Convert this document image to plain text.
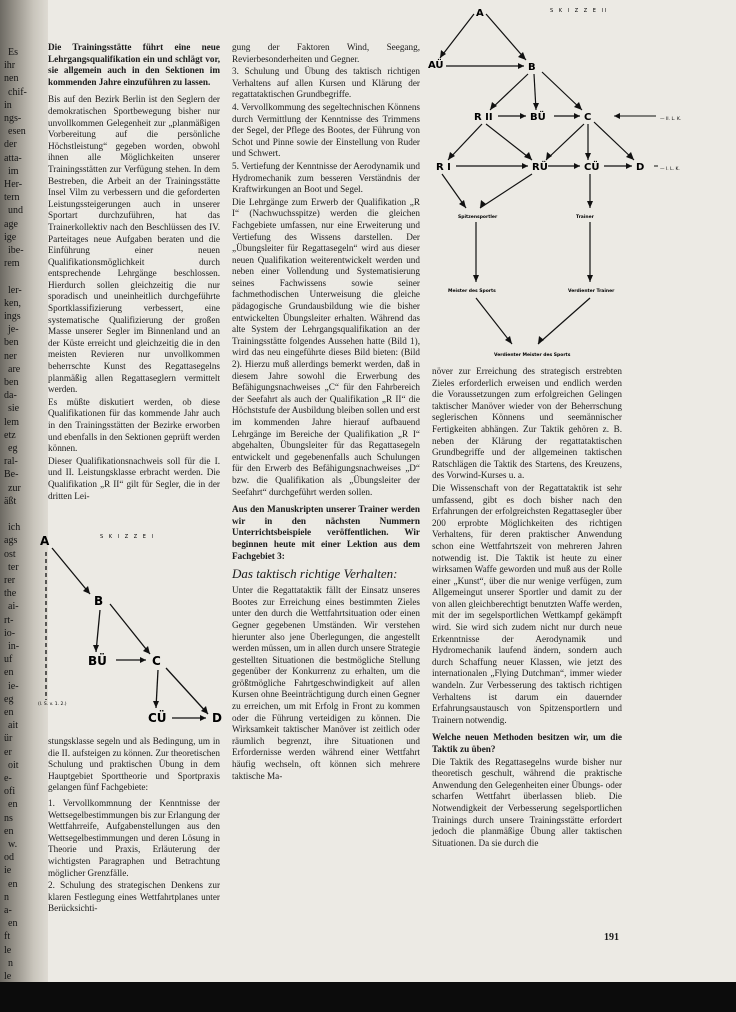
Es
ihr
nen
chif-
in
ngs-
esen
der
atta-
im
Her-
tern
und
age
ige
ibe-
rem
ler-
ken,
ings
je-
ben
ner
are
ben
da-
sie
lem
etz
eg
ral-
Be-
zur
äßt
ich
ags
ost
ter
rer
the
ai-
rt-
io-
in-
uf
en
ie-
eg
en
ait
ür
er
oit
e-
ofi
en
ns
en
w.
od
ie
en
n
a-
en
ft
le
n
le

Die Trainingsstätte führt eine neue Lehrgangsqualifikation ein und schlägt vor, sie allgemein auch in den Sektionen im kommenden Jahre einzuführen zu lassen.

Bis auf den Bezirk Berlin ist den Seglern der demokratischen Sportbewegung bisher nur unvollkommen Gelegenheit zur „planmäßigen Vorbereitung auf die persönliche Höchstleistung“ gegeben worden, obwohl ihnen alle Möglichkeiten unserer Trainingsstätten zur Verfügung stehen. In dem Bestreben, die Arbeit an der Trainingsstätte Insel Vilm zu verbessern und die geforderten Leistungssteigerungen auch in unserer Sportart durchzuführen, hat das Trainerkollektiv nach den Beschlüssen des IV. Parteitages neue Aufgaben beraten und die Einführung einer neuen Qualifikationsmöglichkeit durch entsprechende Lehrgänge beschlossen. Hierdurch sollen gleichzeitig die nur sporadisch und uneinheitlich durchgeführte Sportklassifizierung verbessert, eine systematische Qualifizierung der großen Masse unserer Segler im Binnenland und an der Küste erreicht und gleichzeitig die in den meisten Revieren nur unvollkommen beherrschte Kunst des Regattasegelns planmäßig allen Regattaseglern vermittelt werden.

Es müßte diskutiert werden, ob diese Qualifikationen für das kommende Jahr auch in den Trainingsstätten der Bezirke erworben und ebenfalls in den Sektionen geprüft werden können.

Dieser Qualifikationsnachweis soll für die I. und II. Leistungsklasse erbracht werden. Die Qualifikation „R II“ gilt für Segler, die in der dritten Lei-

S K I Z Z E I
A
B
BÜ	C
CÜ	D
(l. S. v. 1. 2.)

stungsklasse segeln und als Bedingung, um in die II. aufsteigen zu können. Zur theoretischen Schulung und praktischen Übung in dem Hauptgebiet Sporttheorie und Sportpraxis gelangen fünf Fachgebiete:

1. Vervollkommnung der Kenntnisse der Wettsegelbestimmungen bis zur Erlangung der Wettfahrreife, Aufgabenstellungen aus den Wettsegelbestimmungen und deren Lösung in Theorie und Praxis, Erläuterung der wichtigsten Paragraphen und Betrachtung möglicher Grenzfälle.

2. Schulung des strategischen Denkens zur klaren Festlegung eines Wettfahrtplanes unter Berücksichti-

gung der Faktoren Wind, Seegang, Revierbesonderheiten und Gegner.

3. Schulung und Übung des taktisch richtigen Verhaltens auf allen Kursen und Klärung der regattataktischen Grundbegriffe.

4. Vervollkommung des segeltechnischen Könnens durch Vermittlung der Kenntnisse des Trimmens der Segel, der Pflege des Bootes, der Führung von Schot und Pinne sowie der Einstellung von Ruder und Schwert.

5. Vertiefung der Kenntnisse der Aerodynamik und Hydromechanik zum besseren Verständnis der Kraftwirkungen an Boot und Segel.

Die Lehrgänge zum Erwerb der Qualifikation „R I“ (Nachwuchsspitze) werden die gleichen Fachgebiete umfassen, nur eine Erweiterung und Vertiefung des Wissens darstellen. Der „Übungsleiter für Regattasegeln“ wird aus dieser neuen Qualifikation weiterentwickelt werden und neben einer Vollendung und Systematisierung seines Fachwissens sowie seiner fachmethodischen Unterweisung die gleiche pädagogische Grundausbildung wie die bisher entwickelten Übungsleiter erhalten. Während das alte System der Lehrgangsqualifikation an der Trainingsstätte folgendes Aussehen hatte (Bild 1), wird das neu eingeführte dieses Bild bieten: (Bild 2). Hierzu muß allerdings bemerkt werden, daß in diesem Jahre sowohl die Erwerbung des Befähigungsnachweises „C“ für den Fahrbereich der Seefahrt als auch der Qualifikation „R II“ die Höchststufe der Ausbildung bleiben sollen und erst im kommenden Jahre hierauf aufbauend Lehrgänge im Bereiche der Qualifikation „R I“ abgehalten, Übungsleiter für das Regattasegeln entwickelt und gegebenenfalls auch Schulungen für den Erwerb des Befähigungsnachweises „D“ bzw. die Qualifikation als „Übungsleiter der Seefahrt“ durchgeführt werden sollen.

Aus den Manuskripten unserer Trainer werden wir in den nächsten Nummern Unterrichtsbeispiele veröffentlichen. Wir beginnen heute mit einer Lektion aus dem Fachgebiet 3:

Das taktisch richtige Verhalten:

Unter die Regattataktik fällt der Einsatz unseres Bootes zur Erreichung eines bestimmten Zieles unter den durch die Wettfahrtsituation oder einen Gegner gegebenen Umständen. Wir verstehen hierunter also jene Überlegungen, die angestellt werden müssen, um in allen durch unsere Strategie gestellten Situationen die bestmögliche Stellung gegenüber der Konkurrenz zu erhalten, um die größtmögliche Fahrtgeschwindigkeit auf allen Kursen ohne Beeinträchtigung durch einen Gegner zu erreichen, um mit Erfolg in Front zu kommen oder die Führung verteidigen zu können. Die Wirksamkeit taktischer Manöver ist zeitlich oder räumlich begrenzt, ihre Situationen und Erfordernisse werden während einer Wettfahrt häufig wechseln, oft können sich mehrere taktische Ma-

S K I Z Z E II
A
AÜ	B
R II	BÜ	C
R I	RÜ	CÜ	D
— II. L. K.
— I. L. K.
Spitzensportler	Trainer
Meister des Sports	Verdienter Trainer
Verdienter Meister des Sports

növer zur Erreichung des strategisch erstrebten Zieles erforderlich erweisen und endlich werden die Voraussetzungen zum erfolgreichen Gelingen taktischer Manöver wieder von der Beherrschung seglerischen Könnens und seemännischer Fertigkeiten abhängen. Zur Taktik gehören z. B. neben der Klärung der regattataktischen Grundbegriffe und der allgemeinen taktischen Ratschlägen die Taktik des Startens, des Kreuzens, des Vorwind-Kurses u. a.

Die Wissenschaft von der Regattataktik ist sehr umfassend, gibt es doch bisher nach den Erfahrungen der erfolgreichsten Regattasegler über 200 erprobte Möglichkeiten des richtigen Verhaltens, für deren praktischer Anwendung schon eine Wettfahrtszeit von mehreren Jahren notwendig ist. Die Taktik ist heute zu einer wirksamen Waffe geworden und muß aus der Rolle einer „Kunst“, über die nur wenige verfügen, zum Allgemeingut unserer Sportler und damit zu der von allen gleichberechtigt benutzten Waffe werden, mit der im segelsportlichen Wettkampf gekämpft wird. Sie wird sich zudem nicht nur durch neue Erkenntnisse der Aerodynamik und Hydromechanik laufend ändern, sondern auch durch Schaffung neuer Klassen, wie jetzt des internationalen „Flying Dutchman“, immer wieder wandeln. Zur Verbesserung des taktisch richtigen Verhaltens ist darum ein dauernder Erfahrungsaustausch von Spitzensportlern und Trainern notwendig.

Welche neuen Methoden besitzen wir, um die Taktik zu üben?

Die Taktik des Regattasegelns wurde bisher nur theoretisch geschult, während die praktische Anwendung den Gelegenheiten einer Übungs- oder scharfen Wettfahrt überlassen blieb. Die Notwendigkeit der Verbesserung segelsportlichen Trainings durch unsere Trainingsstätte erfordert jedoch die planmäßige Übung aller taktischen Situationen. Da sie durch die

191
